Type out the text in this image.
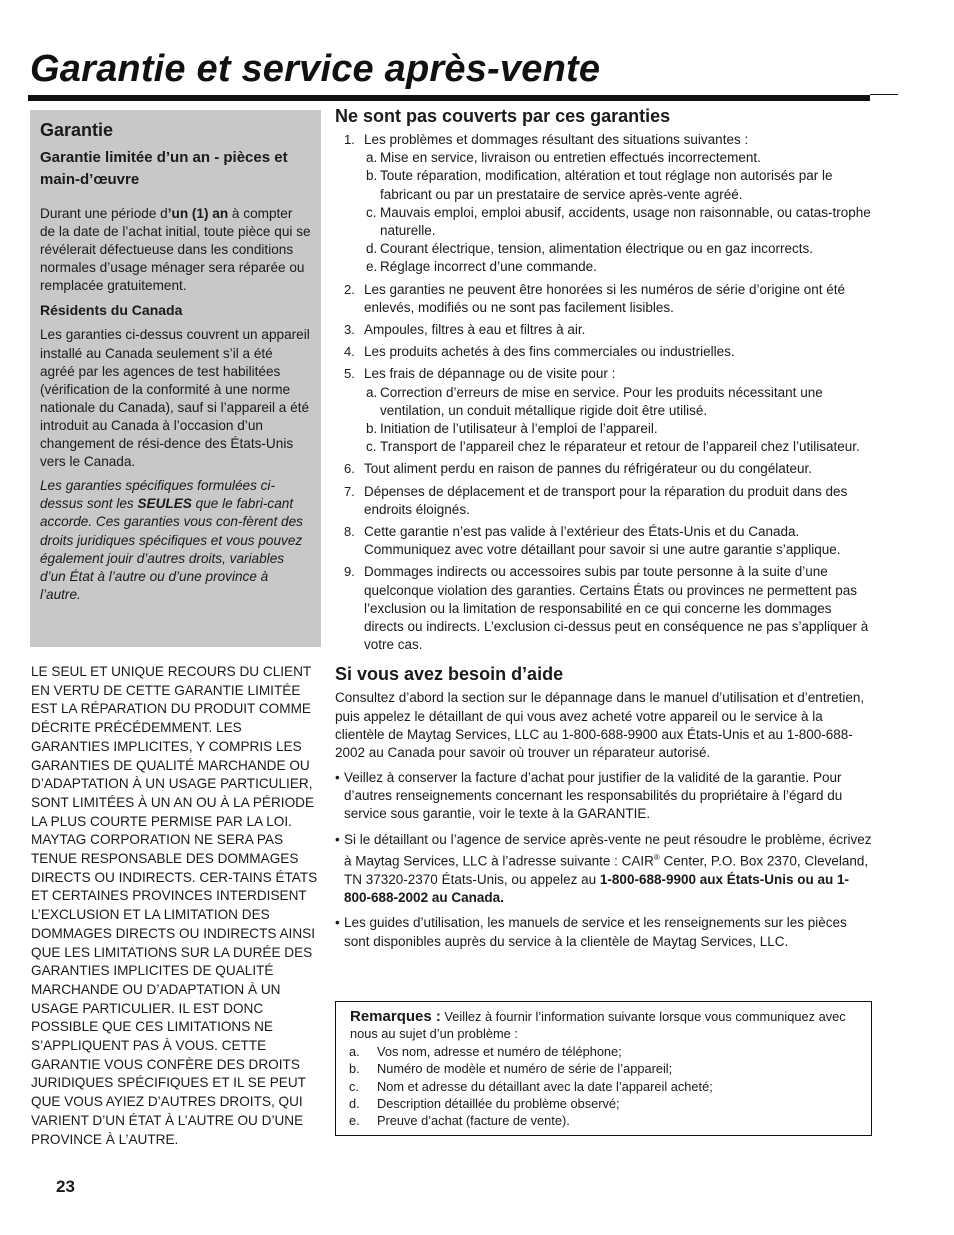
Garantie et service après-vente
Garantie
Garantie limitée d’un an - pièces et main-d’œuvre

Durant une période d’un (1) an à compter de la date de l’achat initial, toute pièce qui se révélerait défectueuse dans les conditions normales d’usage ménager sera réparée ou remplacée gratuitement.

Résidents du Canada

Les garanties ci-dessus couvrent un appareil installé au Canada seulement s’il a été agréé par les agences de test habilitées (vérification de la conformité à une norme nationale du Canada), sauf si l’appareil a été introduit au Canada à l’occasion d’un changement de rési-dence des États-Unis vers le Canada.

Les garanties spécifiques formulées ci-dessus sont les SEULES que le fabri-cant accorde. Ces garanties vous con-fèrent des droits juridiques spécifiques et vous pouvez également jouir d’autres droits, variables d’un État à l’autre ou d’une province à l’autre.

LE SEUL ET UNIQUE RECOURS DU CLIENT EN VERTU DE CETTE GARANTIE LIMITÉE EST LA RÉPARATION DU PRODUIT COMME DÉCRITE PRÉCÉDEMMENT. LES GARANTIES IMPLICITES, Y COMPRIS LES GARANTIES DE QUALITÉ MARCHANDE OU D’ADAPTATION À UN USAGE PARTICULIER, SONT LIMITÉES À UN AN OU À LA PÉRIODE LA PLUS COURTE PERMISE PAR LA LOI. MAYTAG CORPORATION NE SERA PAS TENUE RESPONSABLE DES DOMMAGES DIRECTS OU INDIRECTS. CER-TAINS ÉTATS ET CERTAINES PROVINCES INTERDISENT L’EXCLUSION ET LA LIMITATION DES DOMMAGES DIRECTS OU INDIRECTS AINSI QUE LES LIMITATIONS SUR LA DURÉE DES GARANTIES IMPLICITES DE QUALITÉ MARCHANDE OU D’ADAPTATION À UN USAGE PARTICULIER. IL EST DONC POSSIBLE QUE CES LIMITATIONS NE S’APPLIQUENT PAS À VOUS. CETTE GARANTIE VOUS CONFÈRE DES DROITS JURIDIQUES SPÉCIFIQUES ET IL SE PEUT QUE VOUS AYIEZ D’AUTRES DROITS, QUI VARIENT D’UN ÉTAT À L’AUTRE OU D’UNE PROVINCE À L’AUTRE.

Ne sont pas couverts par ces garanties
1. Les problèmes et dommages résultant des situations suivantes :
a. Mise en service, livraison ou entretien effectués incorrectement.
b. Toute réparation, modification, altération et tout réglage non autorisés par le fabricant ou par un prestataire de service après-vente agréé.
c. Mauvais emploi, emploi abusif, accidents, usage non raisonnable, ou catas-trophe naturelle.
d. Courant électrique, tension, alimentation électrique ou en gaz incorrects.
e. Réglage incorrect d’une commande.
2. Les garanties ne peuvent être honorées si les numéros de série d’origine ont été enlevés, modifiés ou ne sont pas facilement lisibles.
3. Ampoules, filtres à eau et filtres à air.
4. Les produits achetés à des fins commerciales ou industrielles.
5. Les frais de dépannage ou de visite pour :
a. Correction d’erreurs de mise en service. Pour les produits nécessitant une ventilation, un conduit métallique rigide doit être utilisé.
b. Initiation de l’utilisateur à l’emploi de l’appareil.
c. Transport de l’appareil chez le réparateur et retour de l’appareil chez l’utilisateur.
6. Tout aliment perdu en raison de pannes du réfrigérateur ou du congélateur.
7. Dépenses de déplacement et de transport pour la réparation du produit dans des endroits éloignés.
8. Cette garantie n’est pas valide à l’extérieur des États-Unis et du Canada. Communiquez avec votre détaillant pour savoir si une autre garantie s’applique.
9. Dommages indirects ou accessoires subis par toute personne à la suite d’une quelconque violation des garanties. Certains États ou provinces ne permettent pas l’exclusion ou la limitation de responsabilité en ce qui concerne les dommages directs ou indirects. L’exclusion ci-dessus peut en conséquence ne pas s’appliquer à votre cas.
Si vous avez besoin d’aide

Consultez d’abord la section sur le dépannage dans le manuel d’utilisation et d’entretien, puis appelez le détaillant de qui vous avez acheté votre appareil ou le service à la clientèle de Maytag Services, LLC au 1-800-688-9900 aux États-Unis et au 1-800-688-2002 au Canada pour savoir où trouver un réparateur autorisé.

• Veillez à conserver la facture d’achat pour justifier de la validité de la garantie. Pour d’autres renseignements concernant les responsabilités du propriétaire à l’égard du service sous garantie, voir le texte à la GARANTIE.
• Si le détaillant ou l’agence de service après-vente ne peut résoudre le problème, écrivez à Maytag Services, LLC à l’adresse suivante : CAIR® Center, P.O. Box 2370, Cleveland, TN 37320-2370 États-Unis, ou appelez au 1-800-688-9900 aux États-Unis ou au 1-800-688-2002 au Canada.
• Les guides d’utilisation, les manuels de service et les renseignements sur les pièces sont disponibles auprès du service à la clientèle de Maytag Services, LLC.

Remarques : Veillez à fournir l’information suivante lorsque vous communiquez avec nous au sujet d’un problème :

a. Vos nom, adresse et numéro de téléphone;
b. Numéro de modèle et numéro de série de l’appareil;
c. Nom et adresse du détaillant avec la date l’appareil acheté;
d. Description détaillée du problème observé;
e. Preuve d’achat (facture de vente).
23
